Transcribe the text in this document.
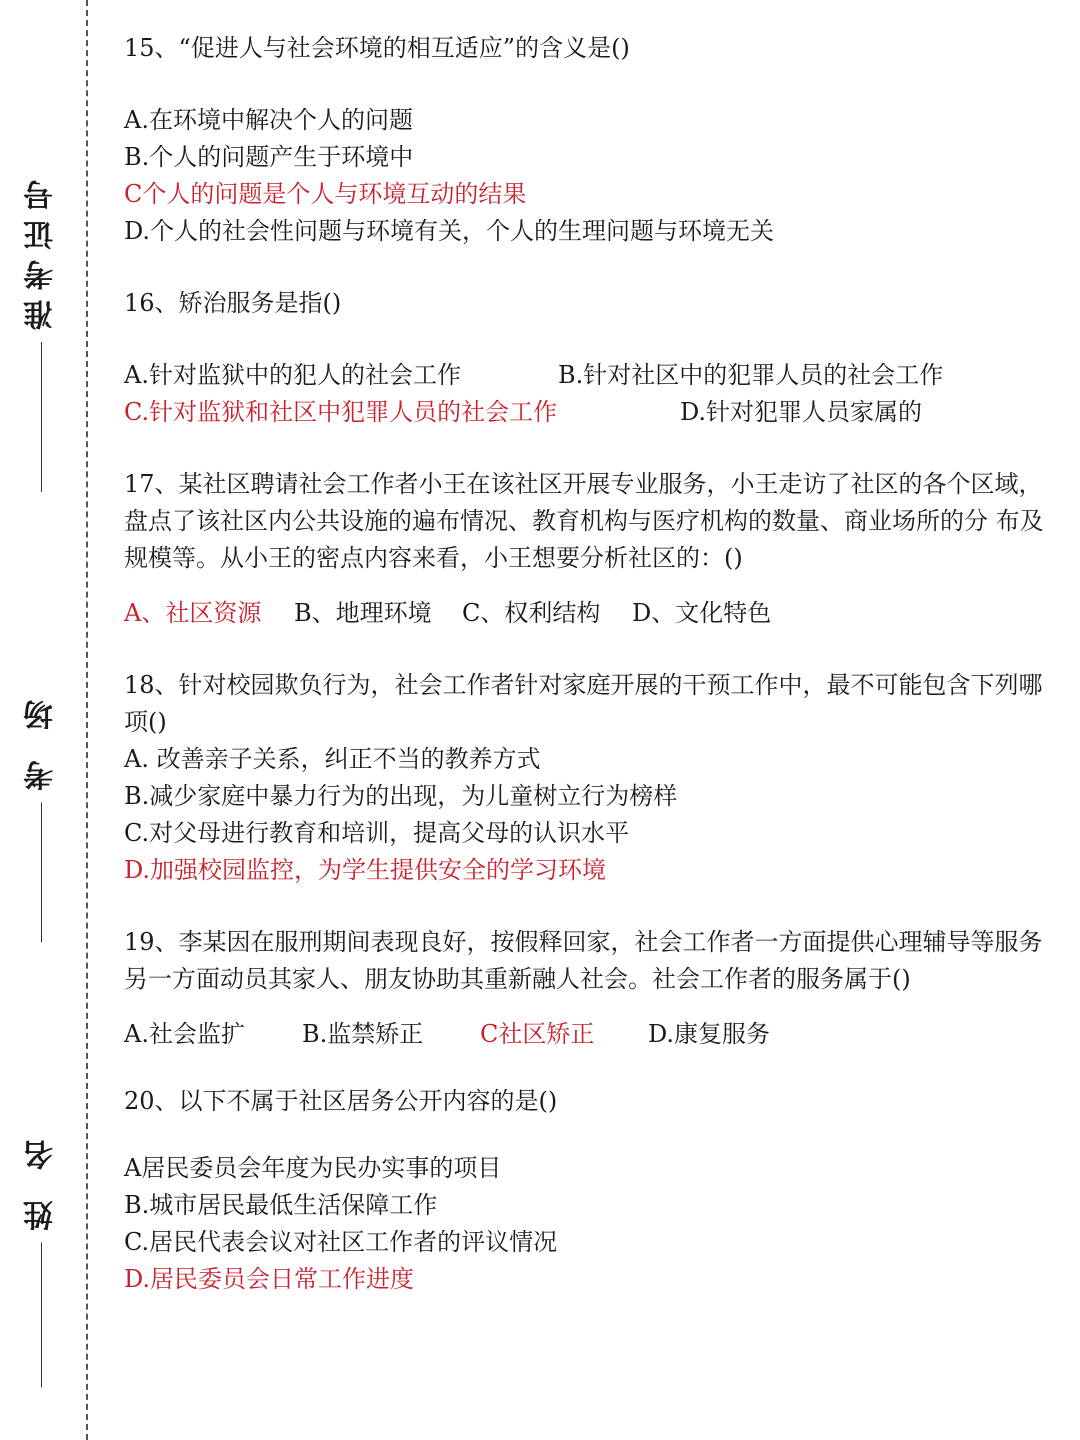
准考证号
考 场
姓 名

15、“促进人与社会环境的相互适应”的含义是()

A.在环境中解决个人的问题

B.个人的问题产生于环境中

C个人的问题是个人与环境互动的结果

D.个人的社会性问题与环境有关，个人的生理问题与环境无关

16、矫治服务是指()

A.针对监狱中的犯人的社会工作	B.针对社区中的犯罪人员的社会工作
C.针对监狱和社区中犯罪人员的社会工作	D.针对犯罪人员家属的

17、某社区聘请社会工作者小王在该社区开展专业服务，小王走访了社区的各个区域，盘点了该社区内公共设施的遍布情况、教育机构与医疗机构的数量、商业场所的分 布及规模等。从小王的密点内容来看，小王想要分析社区的：()

A、社区资源	B、地理环境	C、权利结构	D、文化特色

18、针对校园欺负行为，社会工作者针对家庭开展的干预工作中，最不可能包含下列哪项()

A. 改善亲子关系，纠正不当的教养方式

B.减少家庭中暴力行为的出现，为儿童树立行为榜样

C.对父母进行教育和培训，提高父母的认识水平

D.加强校园监控，为学生提供安全的学习环境

19、李某因在服刑期间表现良好，按假释回家，社会工作者一方面提供心理辅导等服务另一方面动员其家人、朋友协助其重新融人社会。社会工作者的服务属于()

A.社会监扩	B.监禁矫正	C社区矫正	D.康复服务

20、以下不属于社区居务公开内容的是()

A居民委员会年度为民办实事的项目

B.城市居民最低生活保障工作

C.居民代表会议对社区工作者的评议情况

D.居民委员会日常工作进度
